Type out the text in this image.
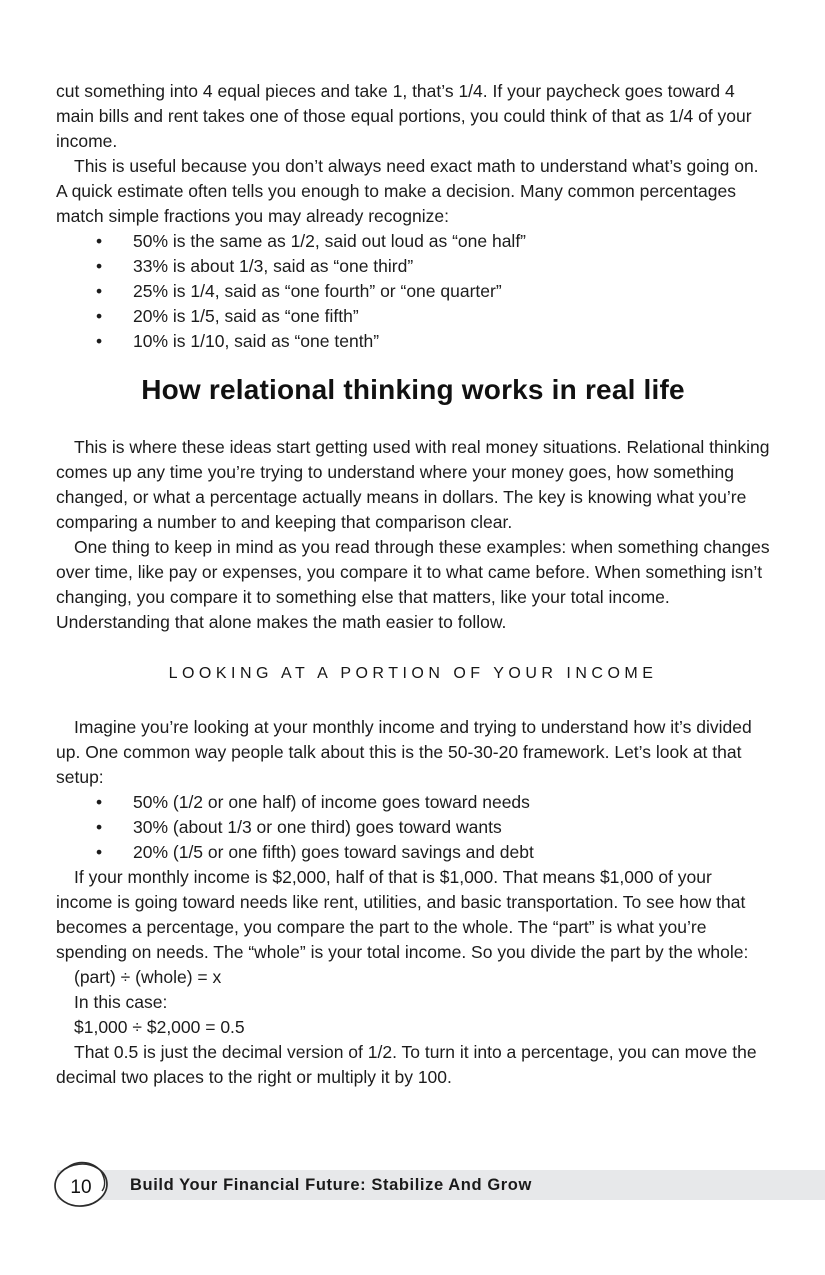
cut something into 4 equal pieces and take 1, that’s 1/4. If your paycheck goes toward 4 main bills and rent takes one of those equal portions, you could think of that as 1/4 of your income.

This is useful because you don’t always need exact math to understand what’s going on. A quick estimate often tells you enough to make a decision. Many common percentages match simple fractions you may already recognize:

• 50% is the same as 1/2, said out loud as “one half”
• 33% is about 1/3, said as “one third”
• 25% is 1/4, said as “one fourth” or “one quarter”
• 20% is 1/5, said as “one fifth”
• 10% is 1/10, said as “one tenth”
How relational thinking works in real life

This is where these ideas start getting used with real money situations. Relational thinking comes up any time you’re trying to understand where your money goes, how something changed, or what a percentage actually means in dollars. The key is knowing what you’re comparing a number to and keeping that comparison clear.

One thing to keep in mind as you read through these examples: when something changes over time, like pay or expenses, you compare it to what came before. When something isn’t changing, you compare it to something else that matters, like your total income. Understanding that alone makes the math easier to follow.

LOOKING AT A PORTION OF YOUR INCOME

Imagine you’re looking at your monthly income and trying to understand how it’s divided up. One common way people talk about this is the 50-30-20 framework. Let’s look at that setup:

• 50% (1/2 or one half) of income goes toward needs
• 30% (about 1/3 or one third) goes toward wants
• 20% (1/5 or one fifth) goes toward savings and debt

If your monthly income is $2,000, half of that is $1,000. That means $1,000 of your income is going toward needs like rent, utilities, and basic transportation. To see how that becomes a percentage, you compare the part to the whole. The “part” is what you’re spending on needs. The “whole” is your total income. So you divide the part by the whole:

(part) ÷ (whole) = x

In this case:

$1,000 ÷ $2,000 = 0.5

That 0.5 is just the decimal version of 1/2. To turn it into a percentage, you can move the decimal two places to the right or multiply it by 100.

Build Your Financial Future: Stabilize And Grow
10
